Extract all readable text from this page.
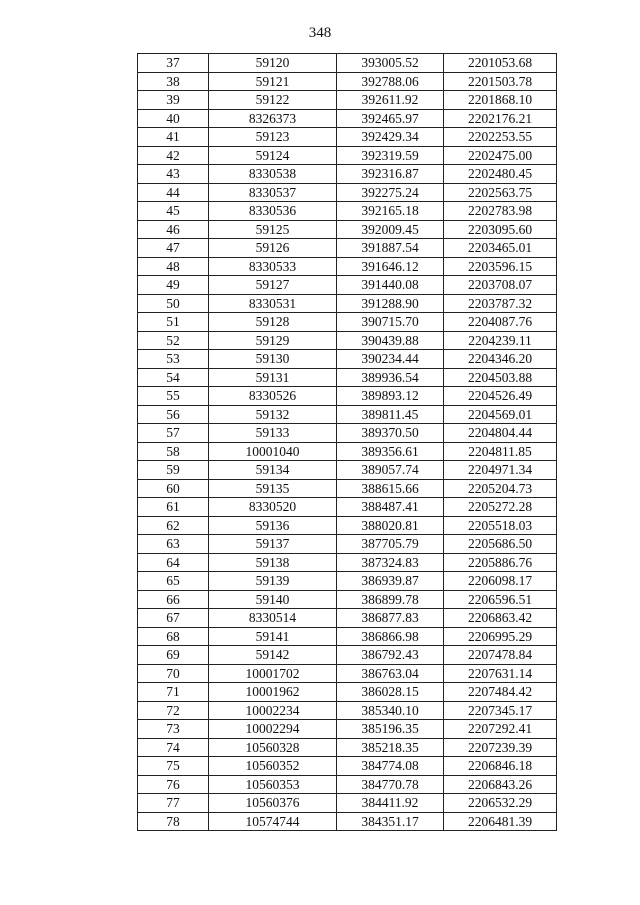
348
37	59120	393005.52	2201053.68
38	59121	392788.06	2201503.78
39	59122	392611.92	2201868.10
40	8326373	392465.97	2202176.21
41	59123	392429.34	2202253.55
42	59124	392319.59	2202475.00
43	8330538	392316.87	2202480.45
44	8330537	392275.24	2202563.75
45	8330536	392165.18	2202783.98
46	59125	392009.45	2203095.60
47	59126	391887.54	2203465.01
48	8330533	391646.12	2203596.15
49	59127	391440.08	2203708.07
50	8330531	391288.90	2203787.32
51	59128	390715.70	2204087.76
52	59129	390439.88	2204239.11
53	59130	390234.44	2204346.20
54	59131	389936.54	2204503.88
55	8330526	389893.12	2204526.49
56	59132	389811.45	2204569.01
57	59133	389370.50	2204804.44
58	10001040	389356.61	2204811.85
59	59134	389057.74	2204971.34
60	59135	388615.66	2205204.73
61	8330520	388487.41	2205272.28
62	59136	388020.81	2205518.03
63	59137	387705.79	2205686.50
64	59138	387324.83	2205886.76
65	59139	386939.87	2206098.17
66	59140	386899.78	2206596.51
67	8330514	386877.83	2206863.42
68	59141	386866.98	2206995.29
69	59142	386792.43	2207478.84
70	10001702	386763.04	2207631.14
71	10001962	386028.15	2207484.42
72	10002234	385340.10	2207345.17
73	10002294	385196.35	2207292.41
74	10560328	385218.35	2207239.39
75	10560352	384774.08	2206846.18
76	10560353	384770.78	2206843.26
77	10560376	384411.92	2206532.29
78	10574744	384351.17	2206481.39
